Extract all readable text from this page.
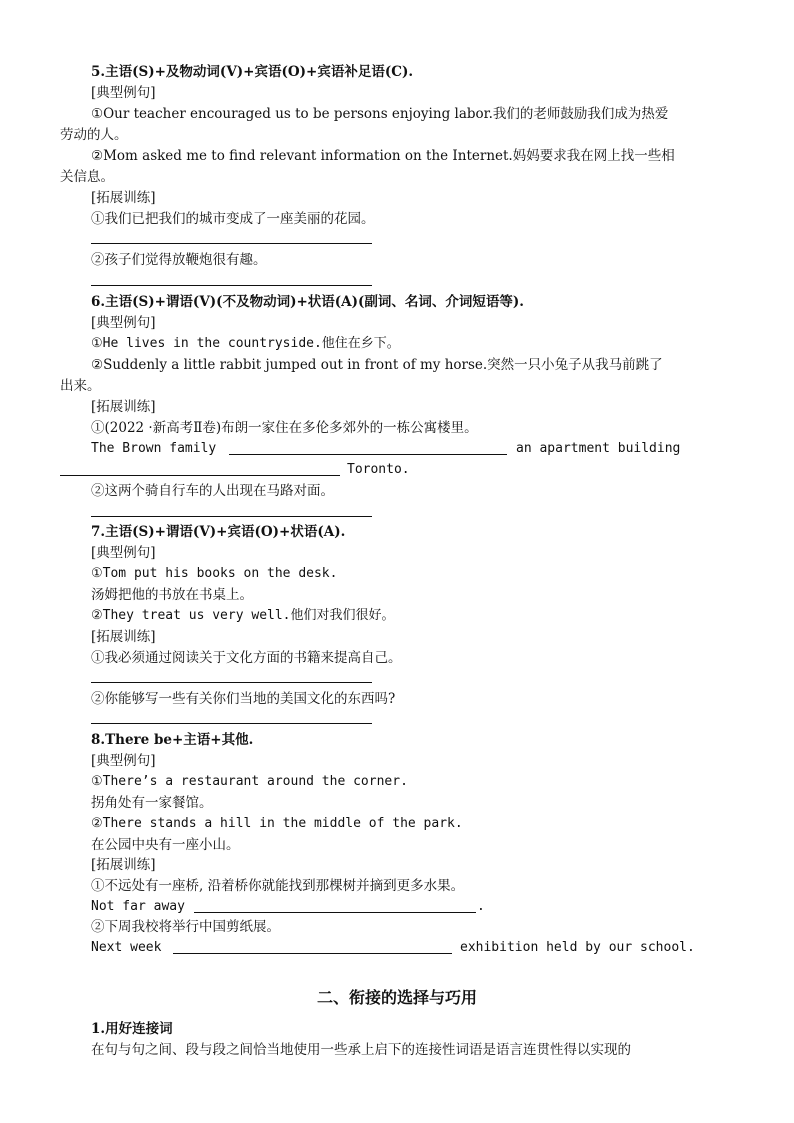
5.主语(S)+及物动词(V)+宾语(O)+宾语补足语(C).
[典型例句]
①Our teacher encouraged us to be persons enjoying labor.我们的老师鼓励我们成为热爱
劳动的人。
②Mom asked me to find relevant information on the Internet.妈妈要求我在网上找一些相
关信息。
[拓展训练]
①我们已把我们的城市变成了一座美丽的花园。
②孩子们觉得放鞭炮很有趣。
6.主语(S)+谓语(V)(不及物动词)+状语(A)(副词、名词、介词短语等).
[典型例句]
①He lives in the countryside.他住在乡下。
②Suddenly a little rabbit jumped out in front of my horse.突然一只小兔子从我马前跳了
出来。
[拓展训练]
①(2022 ·新高考Ⅱ卷)布朗一家住在多伦多郊外的一栋公寓楼里。
The Brown family	an apartment building
Toronto.
②这两个骑自行车的人出现在马路对面。
7.主语(S)+谓语(V)+宾语(O)+状语(A).
[典型例句]
①Tom put his books on the desk.
汤姆把他的书放在书桌上。
②They treat us very well.他们对我们很好。
[拓展训练]
①我必须通过阅读关于文化方面的书籍来提高自己。
②你能够写一些有关你们当地的美国文化的东西吗?
8.There be+主语+其他.
[典型例句]
①There’s a restaurant around the corner.
拐角处有一家餐馆。
②There stands a hill in the middle of the park.
在公园中央有一座小山。
[拓展训练]
①不远处有一座桥, 沿着桥你就能找到那棵树并摘到更多水果。
Not far away	.
②下周我校将举行中国剪纸展。
Next week	exhibition held by our school.
二、衔接的选择与巧用
1.用好连接词
在句与句之间、段与段之间恰当地使用一些承上启下的连接性词语是语言连贯性得以实现的
